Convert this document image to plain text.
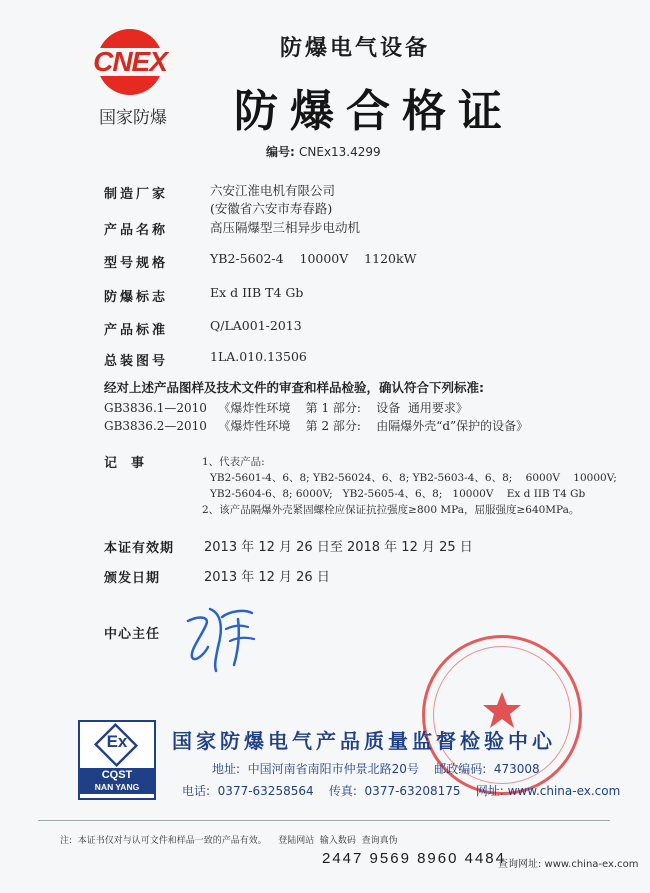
CNEX
国家防爆
防爆电气设备
防爆合格证
编号: CNEx13.4299
制造厂家	六安江淮电机有限公司
(安徽省六安市寿春路)
产品名称	高压隔爆型三相异步电动机
型号规格	YB2-5602-4    10000V    1120kW
防爆标志	Ex d IIB T4 Gb
产品标准	Q/LA001-2013
总装图号	1LA.010.13506
经对上述产品图样及技术文件的审查和样品检验，确认符合下列标准:
GB3836.1—2010   《爆炸性环境    第 1 部分:    设备  通用要求》
GB3836.2—2010   《爆炸性环境    第 2 部分:    由隔爆外壳“d”保护的设备》
记事	1、代表产品:
YB2-5601-4、6、8; YB2-56024、6、8; YB2-5603-4、6、8;    6000V    10000V;
YB2-5604-6、8; 6000V;   YB2-5605-4、6、8;   10000V    Ex d IIB T4 Gb
2、该产品隔爆外壳紧固螺栓应保证抗拉强度≥800 MPa，屈服强度≥640MPa。
本证有效期 2013 年 12 月 26 日至 2018 年 12 月 25 日
颁发日期	2013 年 12 月 26 日
中心主任
Ex
CQST
NAN YANG
国家防爆电气产品质量监督检验中心
地址:  中国河南省南阳市仲景北路20号    邮政编码:  473008
电话:  0377-63258564    传真:  0377-63208175    网址: www.china-ex.com
注:  本证书仅对与认可文件和样品一致的产品有效。    登陆网站  输入数码  查询真伪
2447 9569 8960 4484
查询网址: www.china-ex.com
